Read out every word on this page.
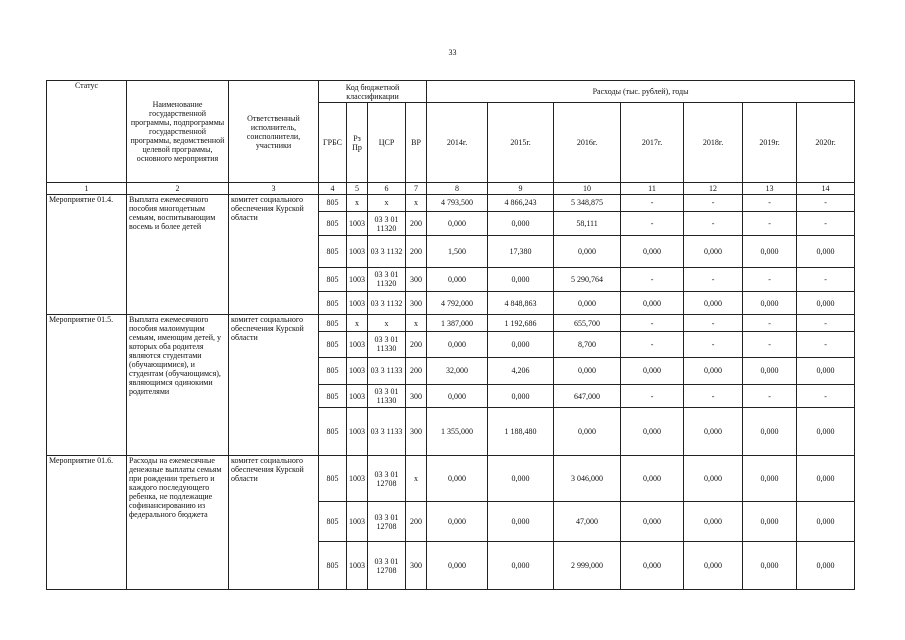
33
Статус	Наименование государственной программы, подпрограммы государственной программы, ведомственной целевой программы, основного мероприятия	Ответственный исполнитель, соисполнители, участники	Код бюджетной классификации				Расходы (тыс. рублей), годы						
			ГРБС	Рз Пр	ЦСР	ВР	2014г.	2015г.	2016г.	2017г.	2018г.	2019г.	2020г.
1	2	3	4	5	6	7	8	9	10	11	12	13	14
Мероприятие 01.4.	Выплата ежемесячного пособия многодетным семьям, воспитывающим восемь и более детей	комитет социального обеспечения Курской области	805	х	х	х	4 793,500	4 866,243	5 348,875	-	-	-	-
			805	1003	03 3 01 11320	200	0,000	0,000	58,111	-	-	-	-
			805	1003	03 3 1132	200	1,500	17,380	0,000	0,000	0,000	0,000	0,000
			805	1003	03 3 01 11320	300	0,000	0,000	5 290,764	-	-	-	-
			805	1003	03 3 1132	300	4 792,000	4 848,863	0,000	0,000	0,000	0,000	0,000
Мероприятие 01.5.	Выплата ежемесячного пособия малоимущим семьям, имеющим детей, у которых оба родителя являются студентами (обучающимися), и студентам (обучающимся), являющимся одинокими родителями	комитет социального обеспечения Курской области	805	х	х	х	1 387,000	1 192,686	655,700	-	-	-	-
			805	1003	03 3 01 11330	200	0,000	0,000	8,700	-	-	-	-
			805	1003	03 3 1133	200	32,000	4,206	0,000	0,000	0,000	0,000	0,000
			805	1003	03 3 01 11330	300	0,000	0,000	647,000	-	-	-	-
			805	1003	03 3 1133	300	1 355,000	1 188,480	0,000	0,000	0,000	0,000	0,000
Мероприятие 01.6.	Расходы на ежемесячные денежные выплаты семьям при рождении третьего и каждого последующего ребенка, не подлежащие софинансированию из федерального бюджета	комитет социального обеспечения Курской области	805	1003	03 3 01 12708	х	0,000	0,000	3 046,000	0,000	0,000	0,000	0,000
			805	1003	03 3 01 12708	200	0,000	0,000	47,000	0,000	0,000	0,000	0,000
			805	1003	03 3 01 12708	300	0,000	0,000	2 999,000	0,000	0,000	0,000	0,000
